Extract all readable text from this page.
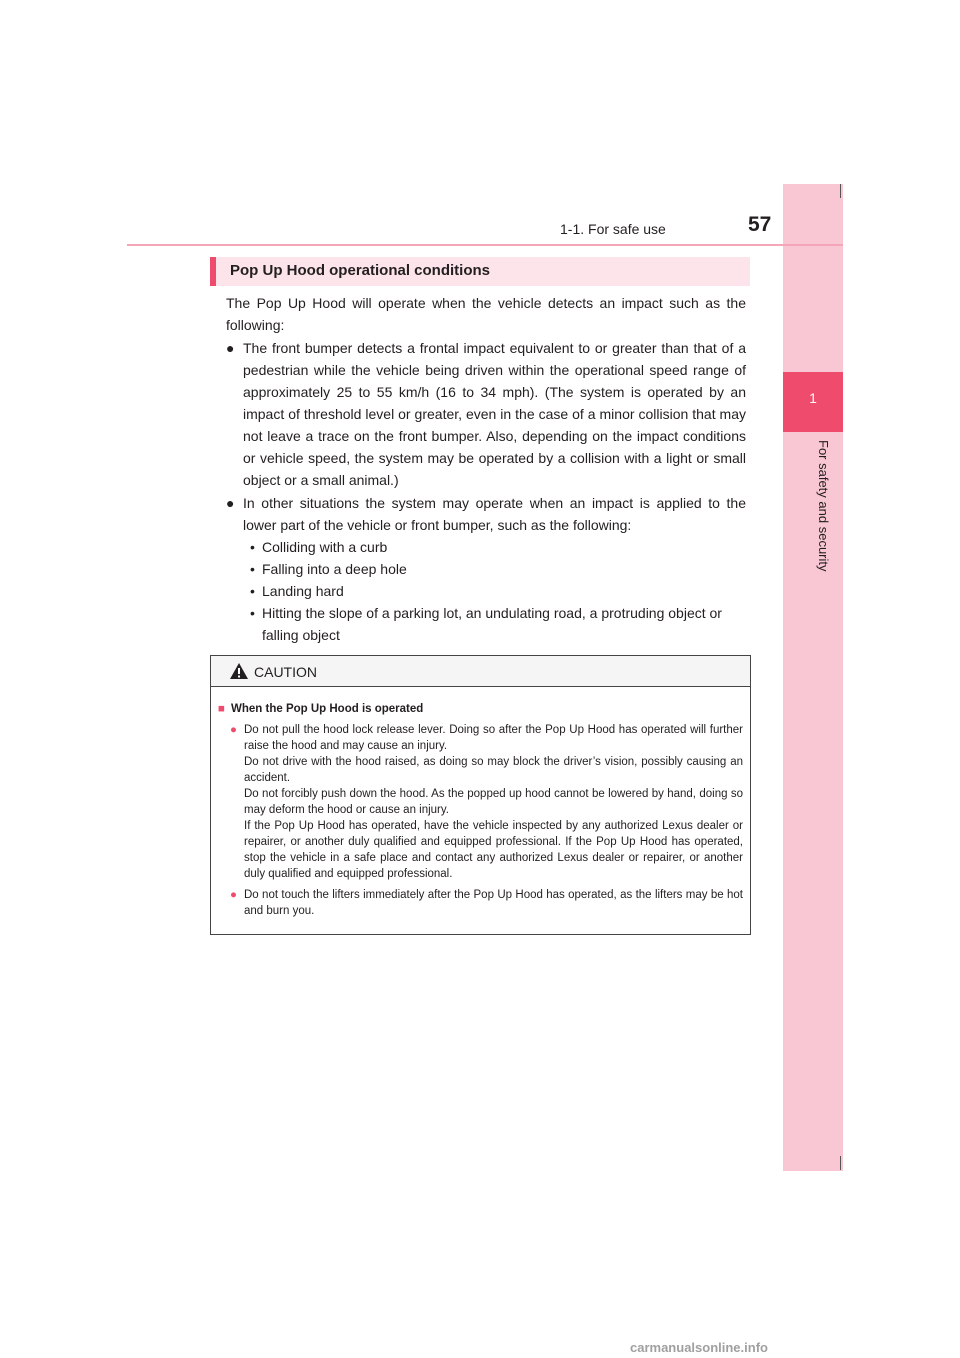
1
For safety and security
1-1. For safe use	57
Pop Up Hood operational conditions

The Pop Up Hood will operate when the vehicle detects an impact such as the following:

● The front bumper detects a frontal impact equivalent to or greater than that of a pedestrian while the vehicle being driven within the operational speed range of approximately 25 to 55 km/h (16 to 34 mph). (The system is operated by an impact of threshold level or greater, even in the case of a minor collision that may not leave a trace on the front bumper. Also, depending on the impact conditions or vehicle speed, the system may be operated by a collision with a light or small object or a small animal.)
● In other situations the system may operate when an impact is applied to the lower part of the vehicle or front bumper, such as the following:
• Colliding with a curb
• Falling into a deep hole
• Landing hard
• Hitting the slope of a parking lot, an undulating road, a protruding object or falling object
CAUTION
■ When the Pop Up Hood is operated
● Do not pull the hood lock release lever. Doing so after the Pop Up Hood has operated will further raise the hood and may cause an injury.
Do not drive with the hood raised, as doing so may block the driver’s vision, possibly causing an accident.
Do not forcibly push down the hood. As the popped up hood cannot be lowered by hand, doing so may deform the hood or cause an injury.
If the Pop Up Hood has operated, have the vehicle inspected by any authorized Lexus dealer or repairer, or another duly qualified and equipped professional. If the Pop Up Hood has operated, stop the vehicle in a safe place and contact any authorized Lexus dealer or repairer, or another duly qualified and equipped professional.
● Do not touch the lifters immediately after the Pop Up Hood has operated, as the lifters may be hot and burn you.
carmanualsonline.info
